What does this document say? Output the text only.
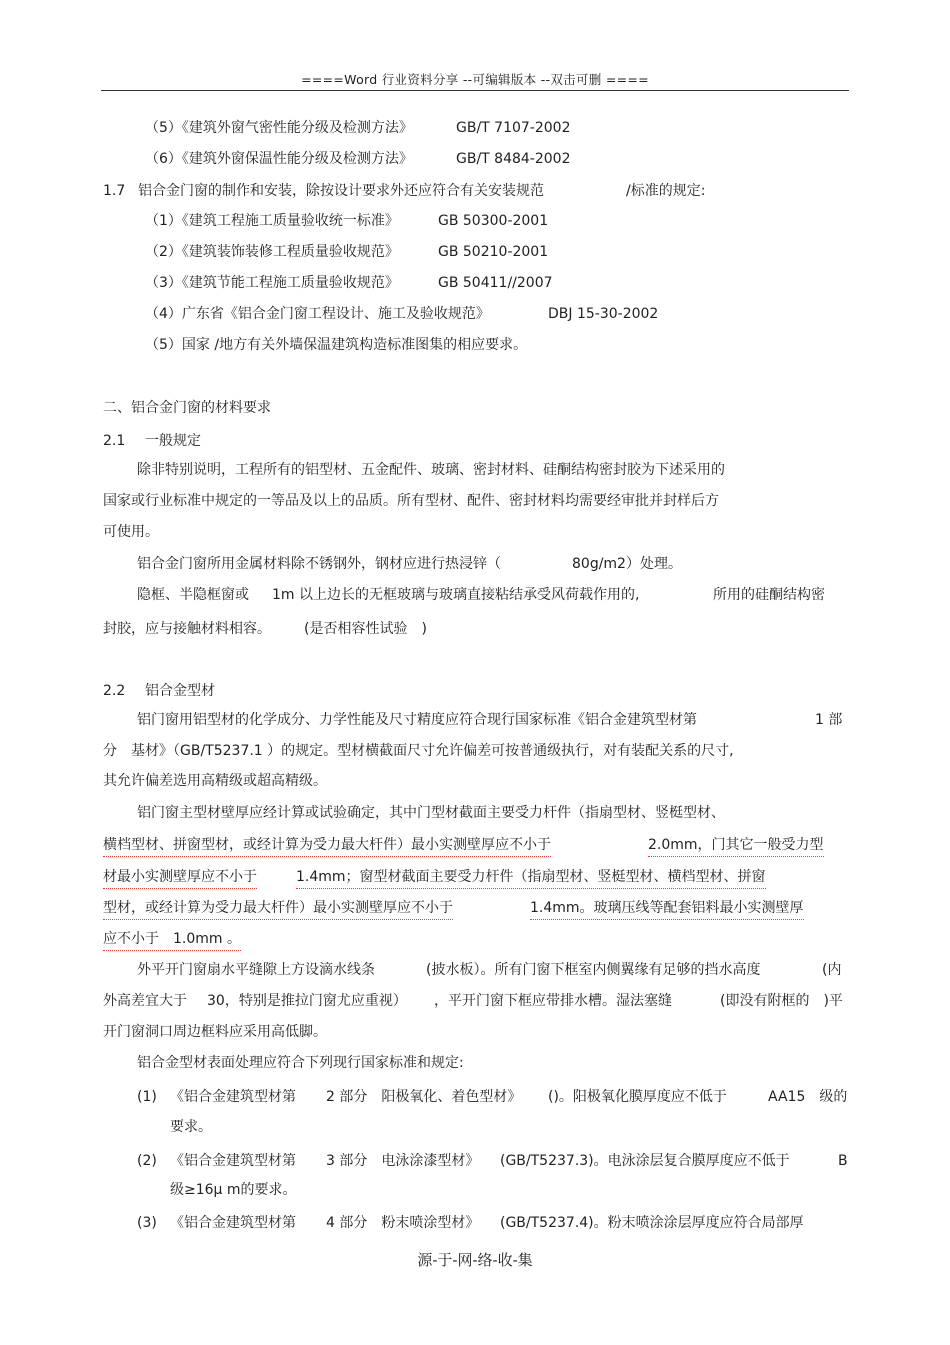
====Word 行业资料分享 --可编辑版本 --双击可删 ====
（5）《建筑外窗气密性能分级及检测方法》	GB/T 7107-2002
（6）《建筑外窗保温性能分级及检测方法》	GB/T 8484-2002
1.7 铝合金门窗的制作和安装，除按设计要求外还应符合有关安装规范	/标准的规定:
（1）《建筑工程施工质量验收统一标准》	GB 50300-2001
（2）《建筑装饰装修工程质量验收规范》	GB 50210-2001
（3）《建筑节能工程施工质量验收规范》	GB 50411//2007
（4）广东省《铝合金门窗工程设计、施工及验收规范》	DBJ 15-30-2002
（5）国家 /地方有关外墙保温建筑构造标准图集的相应要求。
二、铝合金门窗的材料要求
2.1 一般规定
除非特别说明，工程所有的铝型材、五金配件、玻璃、密封材料、硅酮结构密封胶为下述采用的
国家或行业标准中规定的一等品及以上的品质。所有型材、配件、密封材料均需要经审批并封样后方
可使用。
铝合金门窗所用金属材料除不锈钢外，钢材应进行热浸锌（	80g/m2）处理。
隐框、半隐框窗或 1m 以上边长的无框玻璃与玻璃直接粘结承受风荷载作用的,	所用的硅酮结构密
封胶，应与接触材料相容。 (是否相容性试验　)
2.2 铝合金型材
铝门窗用铝型材的化学成分、力学性能及尺寸精度应符合现行国家标准《铝合金建筑型材第	1 部
分　基材》（GB/T5237.1 ）的规定。型材横截面尺寸允许偏差可按普通级执行，对有装配关系的尺寸,
其允许偏差选用高精级或超高精级。
铝门窗主型材壁厚应经计算或试验确定，其中门型材截面主要受力杆件（指扇型材、竖梃型材、
横档型材、拼窗型材，或经计算为受力最大杆件）最小实测壁厚应不小于	2.0mm，门其它一般受力型
材最小实测壁厚应不小于	1.4mm；窗型材截面主要受力杆件（指扇型材、竖梃型材、横档型材、拼窗
型材，或经计算为受力最大杆件）最小实测壁厚应不小于	1.4mm。玻璃压线等配套铝料最小实测壁厚
应不小于　1.0mm 。
外平开门窗扇水平缝隙上方设滴水线条	(披水板）。所有门窗下框室内侧翼缘有足够的挡水高度	(内
外高差宜大于 30，特别是推拉门窗尤应重视） ，平开门窗下框应带排水槽。湿法塞缝	(即没有附框的　)平
开门窗洞口周边框料应采用高低脚。
铝合金型材表面处理应符合下列现行国家标准和规定:
(1) 《铝合金建筑型材第 2 部分　阳极氧化、着色型材》 ()。阳极氧化膜厚度应不低于	AA15　级的
要求。
(2) 《铝合金建筑型材第 3 部分　电泳涂漆型材》 (GB/T5237.3)。电泳涂层复合膜厚度应不低于	B
级≥16μ m的要求。
(3) 《铝合金建筑型材第 4 部分　粉末喷涂型材》 (GB/T5237.4)。粉末喷涂涂层厚度应符合局部厚
源-于-网-络-收-集
